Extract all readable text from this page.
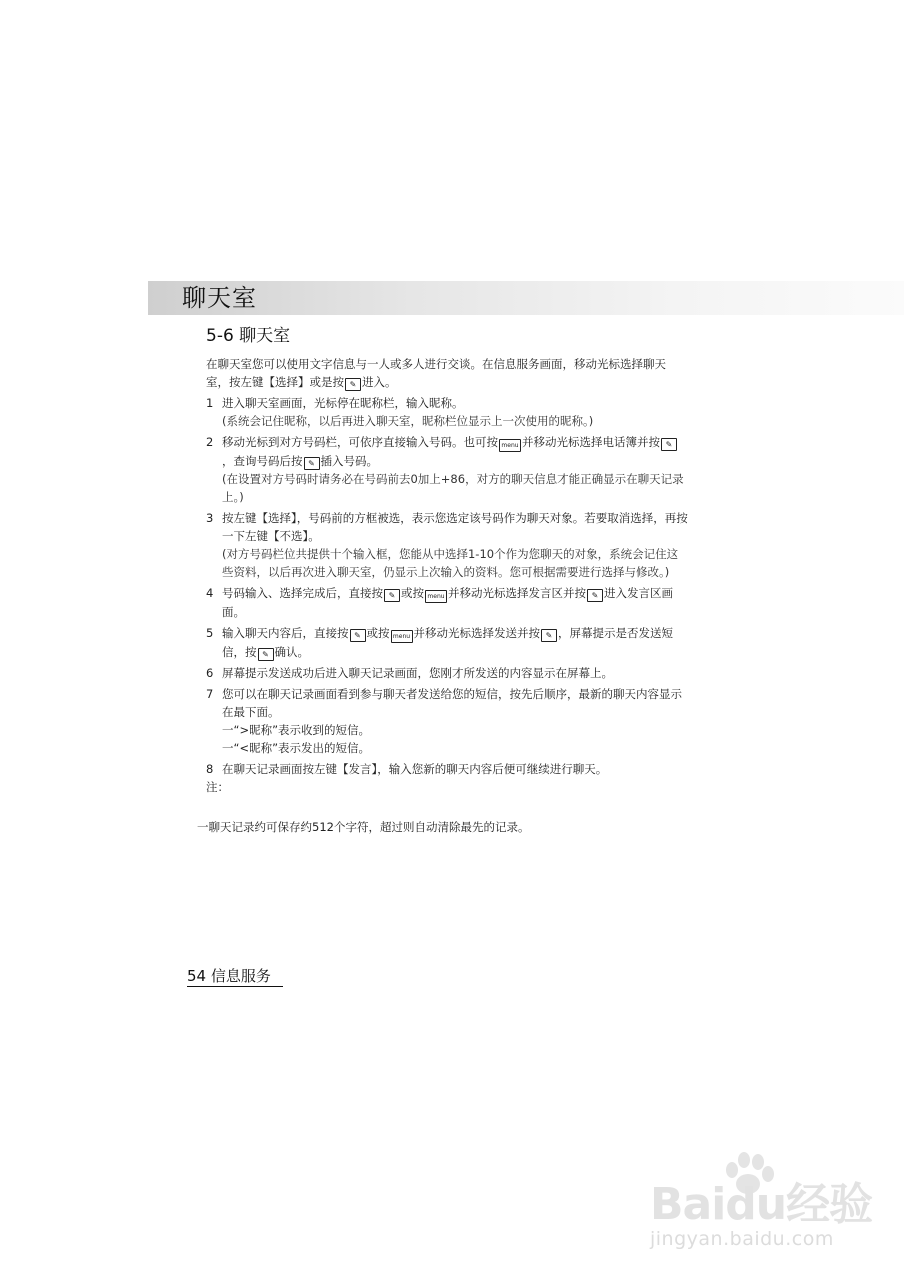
聊天室
5-6 聊天室

在聊天室您可以使用文字信息与一人或多人进行交谈。在信息服务画面，移动光标选择聊天室，按左键【选择】或是按 ✎ 进入。

1 进入聊天室画面，光标停在昵称栏，输入昵称。

(系统会记住昵称，以后再进入聊天室，昵称栏位显示上一次使用的昵称。)

2 移动光标到对方号码栏，可依序直接输入号码。也可按 menu 并移动光标选择电话簿并按 ✎，查询号码后按 ✎ 插入号码。

(在设置对方号码时请务必在号码前去0加上+86，对方的聊天信息才能正确显示在聊天记录上。)

3 按左键【选择】，号码前的方框被选，表示您选定该号码作为聊天对象。若要取消选择，再按一下左键【不选】。

(对方号码栏位共提供十个输入框，您能从中选择1-10个作为您聊天的对象，系统会记住这些资料，以后再次进入聊天室，仍显示上次输入的资料。您可根据需要进行选择与修改。)

4 号码输入、选择完成后，直接按 ✎ 或按 menu 并移动光标选择发言区并按 ✎ 进入发言区画面。

5 输入聊天内容后，直接按 ✎ 或按 menu 并移动光标选择发送并按 ✎ ，屏幕提示是否发送短信，按 ✎ 确认。

6 屏幕提示发送成功后进入聊天记录画面，您刚才所发送的内容显示在屏幕上。

7 您可以在聊天记录画面看到参与聊天者发送给您的短信，按先后顺序，最新的聊天内容显示在最下面。

一“>昵称”表示收到的短信。

一“<昵称”表示发出的短信。

8 在聊天记录画面按左键【发言】，输入您新的聊天内容后便可继续进行聊天。

注：

一聊天记录约可保存约512个字符，超过则自动清除最先的记录。

54 信息服务
Baidu经验
jingyan.baidu.com
